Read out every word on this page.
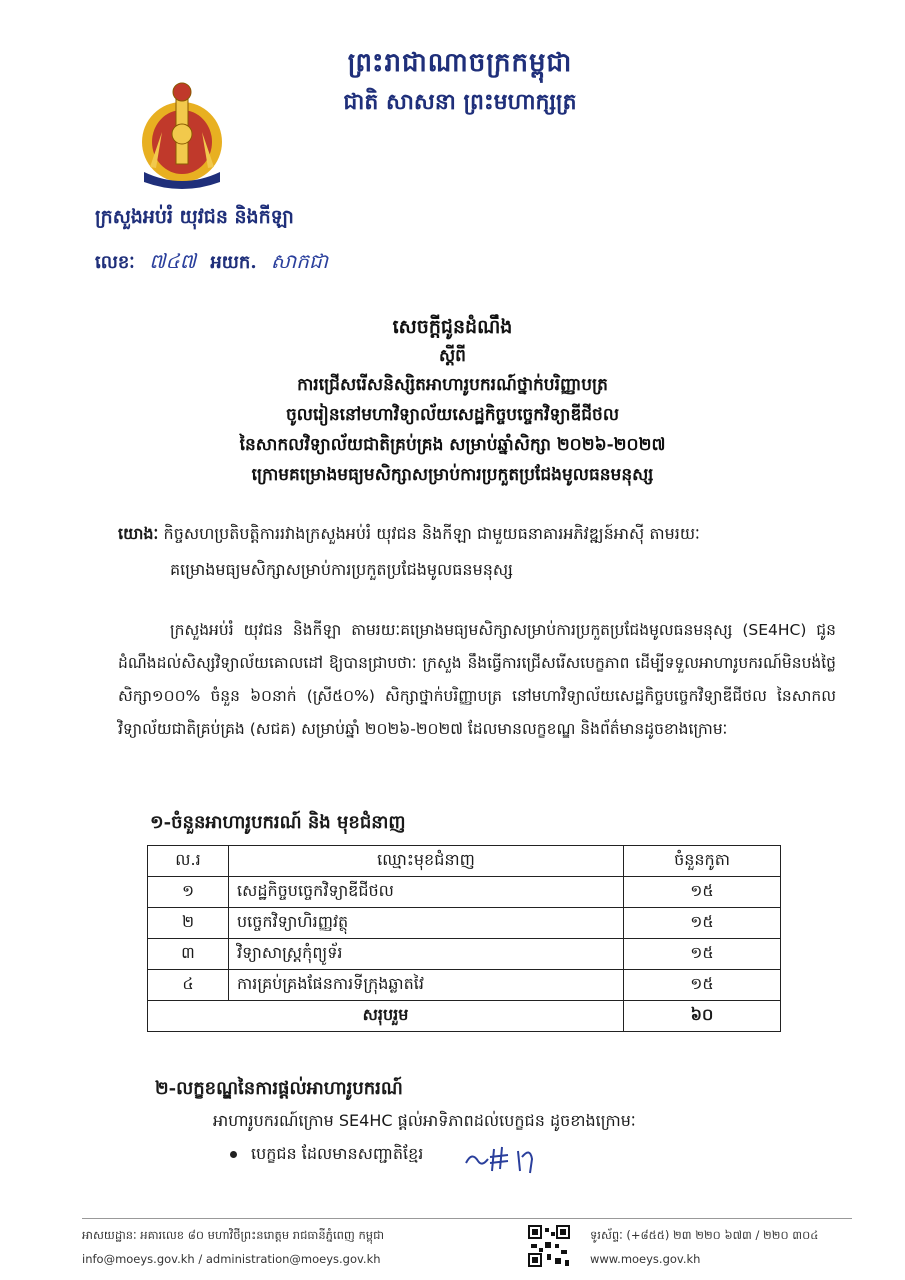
ព្រះរាជាណាចក្រកម្ពុជា
ជាតិ សាសនា ព្រះមហាក្សត្រ
ក្រសួងអប់រំ យុវជន និងកីឡា
លេខៈ ៧៤៧ អយក. សាកជា
សេចក្តីជូនដំណឹង
ស្តីពី
ការជ្រើសរើសនិស្សិតអាហារូបករណ៍ថ្នាក់បរិញ្ញាបត្រ
ចូលរៀននៅមហាវិទ្យាល័យសេដ្ឋកិច្ចបច្ចេកវិទ្យាឌីជីថល
នៃសាកលវិទ្យាល័យជាតិគ្រប់គ្រង សម្រាប់ឆ្នាំសិក្សា ២០២៦-២០២៧
ក្រោមគម្រោងមធ្យមសិក្សាសម្រាប់ការប្រកួតប្រជែងមូលធនមនុស្ស
យោងៈ កិច្ចសហប្រតិបត្តិការរវាងក្រសួងអប់រំ យុវជន និងកីឡា ជាមួយធនាគារអភិវឌ្ឍន៍អាស៊ី តាមរយៈ
គម្រោងមធ្យមសិក្សាសម្រាប់ការប្រកួតប្រជែងមូលធនមនុស្ស
ក្រសួងអប់រំ យុវជន និងកីឡា តាមរយៈគម្រោងមធ្យមសិក្សាសម្រាប់ការប្រកួតប្រជែងមូលធនមនុស្ស (SE4HC) ជូនដំណឹងដល់សិស្សវិទ្យាល័យគោលដៅ ឱ្យបានជ្រាបថាៈ ក្រសួង នឹងធ្វើការជ្រើសរើសបេក្ខភាព ដើម្បីទទួលអាហារូបករណ៍មិនបង់ថ្លៃសិក្សា១០០% ចំនួន ៦០នាក់ (ស្រី៥០%) សិក្សាថ្នាក់បរិញ្ញាបត្រ នៅមហាវិទ្យាល័យសេដ្ឋកិច្ចបច្ចេកវិទ្យាឌីជីថល នៃសាកលវិទ្យាល័យជាតិគ្រប់គ្រង (សជគ) សម្រាប់ឆ្នាំ ២០២៦-២០២៧ ដែលមានលក្ខខណ្ឌ និងព័ត៌មានដូចខាងក្រោមៈ
១-ចំនួនអាហារូបករណ៍ និង មុខជំនាញ
ល.រ	ឈ្មោះមុខជំនាញ	ចំនួនកូតា
១	សេដ្ឋកិច្ចបច្ចេកវិទ្យាឌីជីថល	១៥
២	បច្ចេកវិទ្យាហិរញ្ញវត្ថុ	១៥
៣	វិទ្យាសាស្ត្រកុំព្យូទ័រ	១៥
៤	ការគ្រប់គ្រងផែនការទីក្រុងឆ្លាតវៃ	១៥
សរុបរួម		៦០
២-លក្ខខណ្ឌនៃការផ្តល់អាហារូបករណ៍
អាហារូបករណ៍ក្រោម SE4HC ផ្តល់អាទិភាពដល់បេក្ខជន ដូចខាងក្រោមៈ
បេក្ខជន ដែលមានសញ្ជាតិខ្មែរ
អាសយដ្ឋានៈ អគារលេខ ៨០ មហាវិថីព្រះនរោត្តម រាជធានីភ្នំពេញ កម្ពុជា
info@moeys.gov.kh / administration@moeys.gov.kh
ទូរស័ព្ទៈ (+៨៥៥) ២៣ ២២០ ៦៧៣ / ២២០ ៣០៤
www.moeys.gov.kh
